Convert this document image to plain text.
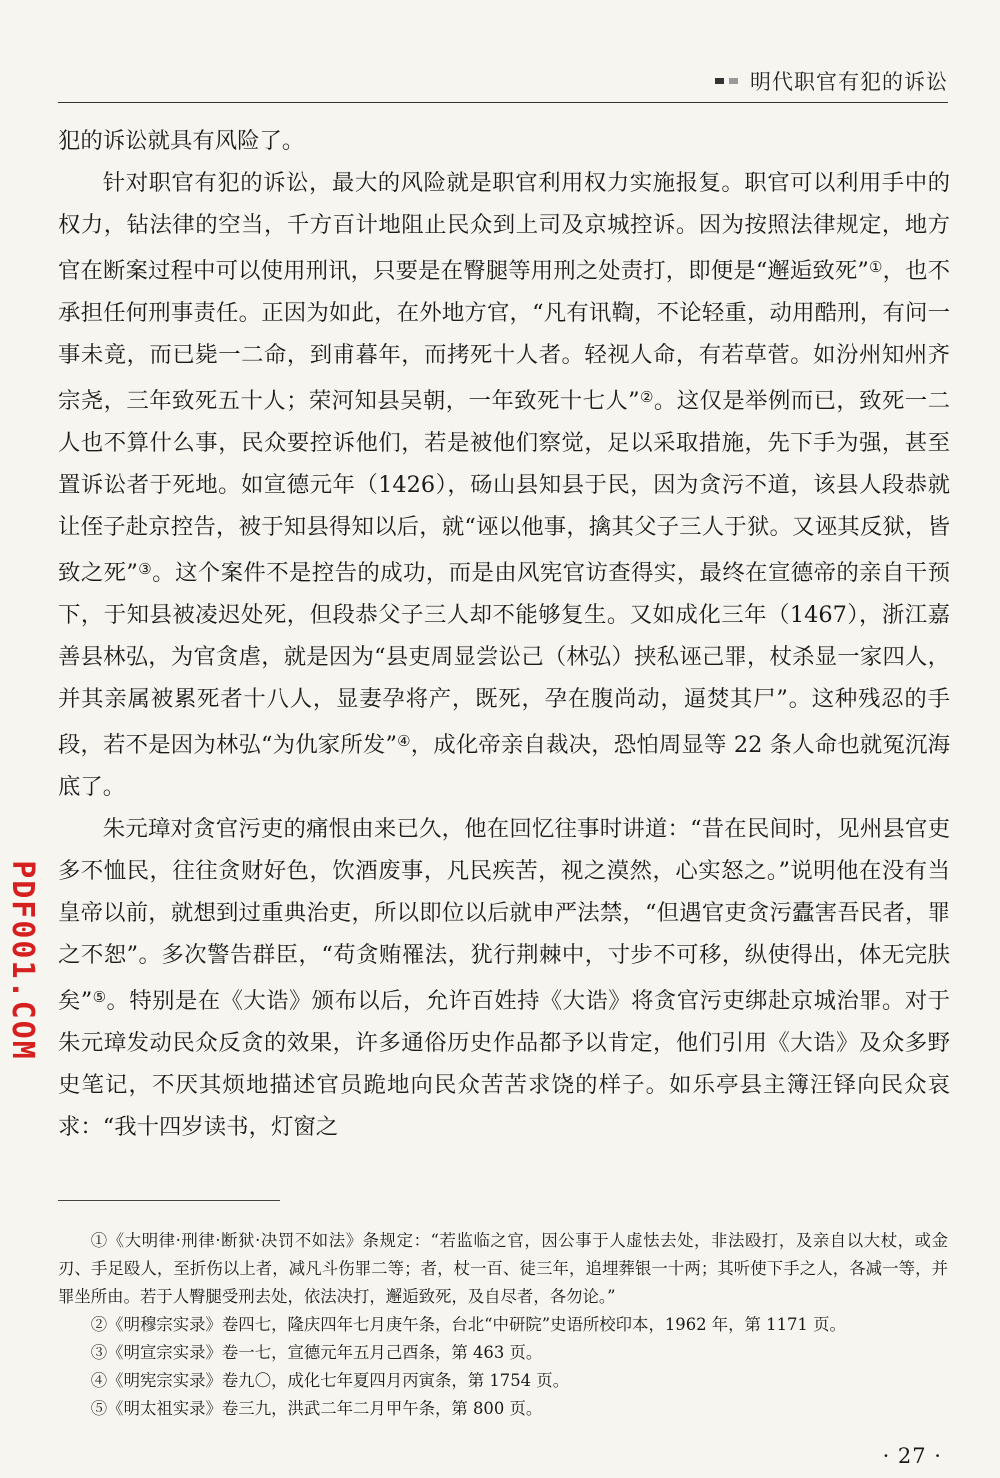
明代职官有犯的诉讼

犯的诉讼就具有风险了。

针对职官有犯的诉讼，最大的风险就是职官利用权力实施报复。职官可以利用手中的权力，钻法律的空当，千方百计地阻止民众到上司及京城控诉。因为按照法律规定，地方官在断案过程中可以使用刑讯，只要是在臀腿等用刑之处责打，即便是“邂逅致死”①，也不承担任何刑事责任。正因为如此，在外地方官，“凡有讯鞫，不论轻重，动用酷刑，有问一事未竟，而已毙一二命，到甫暮年，而拷死十人者。轻视人命，有若草菅。如汾州知州齐宗尧，三年致死五十人；荣河知县吴朝，一年致死十七人”②。这仅是举例而已，致死一二人也不算什么事，民众要控诉他们，若是被他们察觉，足以采取措施，先下手为强，甚至置诉讼者于死地。如宣德元年（1426），砀山县知县于民，因为贪污不道，该县人段恭就让侄子赴京控告，被于知县得知以后，就“诬以他事，擒其父子三人于狱。又诬其反狱，皆致之死”③。这个案件不是控告的成功，而是由风宪官访查得实，最终在宣德帝的亲自干预下，于知县被凌迟处死，但段恭父子三人却不能够复生。又如成化三年（1467），浙江嘉善县林弘，为官贪虐，就是因为“县吏周显尝讼己（林弘）挟私诬己罪，杖杀显一家四人，并其亲属被累死者十八人，显妻孕将产，既死，孕在腹尚动，逼焚其尸”。这种残忍的手段，若不是因为林弘“为仇家所发”④，成化帝亲自裁决，恐怕周显等 22 条人命也就冤沉海底了。

朱元璋对贪官污吏的痛恨由来已久，他在回忆往事时讲道：“昔在民间时，见州县官吏多不恤民，往往贪财好色，饮酒废事，凡民疾苦，视之漠然，心实怒之。”说明他在没有当皇帝以前，就想到过重典治吏，所以即位以后就申严法禁，“但遇官吏贪污蠹害吾民者，罪之不恕”。多次警告群臣，“苟贪贿罹法，犹行荆棘中，寸步不可移，纵使得出，体无完肤矣”⑤。特别是在《大诰》颁布以后，允许百姓持《大诰》将贪官污吏绑赴京城治罪。对于朱元璋发动民众反贪的效果，许多通俗历史作品都予以肯定，他们引用《大诰》及众多野史笔记，不厌其烦地描述官员跪地向民众苦苦求饶的样子。如乐亭县主簿汪铎向民众哀求：“我十四岁读书，灯窗之

PDF001.COM

①《大明律·刑律·断狱·决罚不如法》条规定：“若监临之官，因公事于人虚怯去处，非法殴打，及亲自以大杖，或金刃、手足殴人，至折伤以上者，减凡斗伤罪二等；者，杖一百、徒三年，追埋葬银一十两；其听使下手之人，各减一等，并罪坐所由。若于人臀腿受刑去处，依法决打，邂逅致死，及自尽者，各勿论。”

②《明穆宗实录》卷四七，隆庆四年七月庚午条，台北“中研院”史语所校印本，1962 年，第 1171 页。

③《明宣宗实录》卷一七，宣德元年五月己酉条，第 463 页。

④《明宪宗实录》卷九〇，成化七年夏四月丙寅条，第 1754 页。

⑤《明太祖实录》卷三九，洪武二年二月甲午条，第 800 页。

· 27 ·
